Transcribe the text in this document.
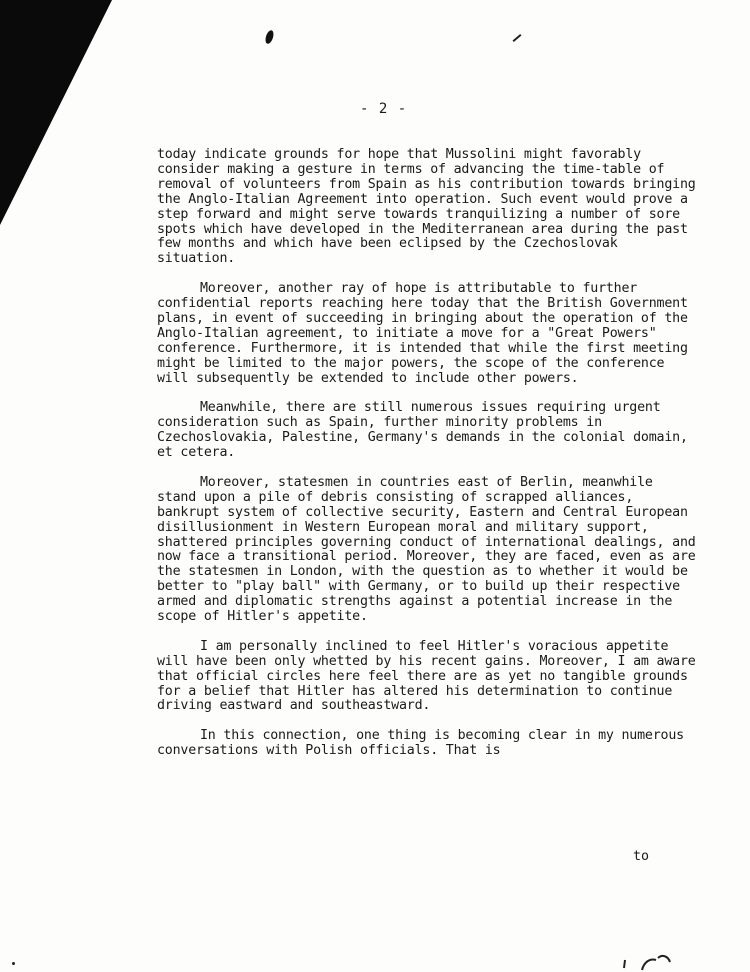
- 2 -

today indicate grounds for hope that Mussolini might favorably consider making a gesture in terms of advancing the time-table of removal of volunteers from Spain as his contribution towards bringing the Anglo-Italian Agreement into operation. Such event would prove a step forward and might serve towards tranquilizing a number of sore spots which have developed in the Mediterranean area during the past few months and which have been eclipsed by the Czechoslovak situation.

Moreover, another ray of hope is attributable to further confidential reports reaching here today that the British Government plans, in event of succeeding in bringing about the operation of the Anglo-Italian agreement, to initiate a move for a "Great Powers" conference. Furthermore, it is intended that while the first meeting might be limited to the major powers, the scope of the conference will subsequently be extended to include other powers.

Meanwhile, there are still numerous issues requiring urgent consideration such as Spain, further minority problems in Czechoslovakia, Palestine, Germany's demands in the colonial domain, et cetera.

Moreover, statesmen in countries east of Berlin, meanwhile stand upon a pile of debris consisting of scrapped alliances, bankrupt system of collective security, Eastern and Central European disillusionment in Western European moral and military support, shattered principles governing conduct of international dealings, and now face a transitional period. Moreover, they are faced, even as are the statesmen in London, with the question as to whether it would be better to "play ball" with Germany, or to build up their respective armed and diplomatic strengths against a potential increase in the scope of Hitler's appetite.

I am personally inclined to feel Hitler's voracious appetite will have been only whetted by his recent gains. Moreover, I am aware that official circles here feel there are as yet no tangible grounds for a belief that Hitler has altered his determination to continue driving eastward and southeastward.

In this connection, one thing is becoming clear in my numerous conversations with Polish officials. That is

to
